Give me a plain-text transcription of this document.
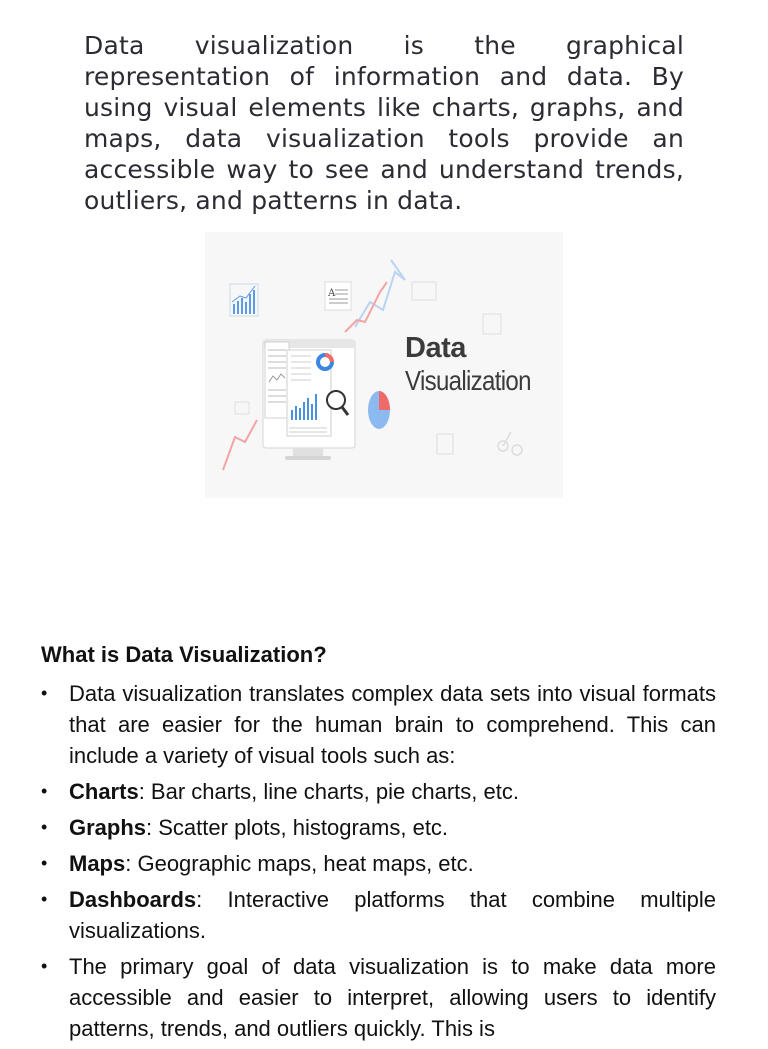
Data visualization is the graphical representation of information and data. By using visual elements like charts, graphs, and maps, data visualization tools provide an accessible way to see and understand trends, outliers, and patterns in data.

A
Data
Visualization
What is Data Visualization?
• Data visualization translates complex data sets into visual formats that are easier for the human brain to comprehend. This can include a variety of visual tools such as:
• Charts: Bar charts, line charts, pie charts, etc.
• Graphs: Scatter plots, histograms, etc.
• Maps: Geographic maps, heat maps, etc.
• Dashboards: Interactive platforms that combine multiple visualizations.
• The primary goal of data visualization is to make data more accessible and easier to interpret, allowing users to identify patterns, trends, and outliers quickly. This is
